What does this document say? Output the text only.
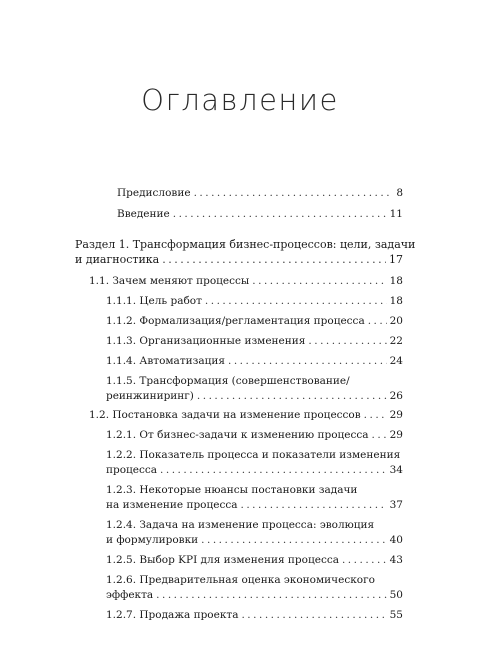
Оглавление
Предисловие .....	8
Введение .....	11
Раздел 1. Трансформация бизнес-процессов: цели, задачи
и диагностика .....	17
1.1. Зачем меняют процессы .....	18
1.1.1. Цель работ .....	18
1.1.2. Формализация/регламентация процесса ..... 20
1.1.3. Организационные изменения .....	22
1.1.4. Автоматизация .....	24
1.1.5. Трансформация (совершенствование/
реинжиниринг) .....	26
1.2. Постановка задачи на изменение процессов .....	29
1.2.1. От бизнес-задачи к изменению процесса ..... 29
1.2.2. Показатель процесса и показатели изменения
процесса .....	34
1.2.3. Некоторые нюансы постановки задачи
на изменение процесса .....	37
1.2.4. Задача на изменение процесса: эволюция
и формулировки .....	40
1.2.5. Выбор KPI для изменения процесса .....	43
1.2.6. Предварительная оценка экономического
эффекта .....	50
1.2.7. Продажа проекта .....	55
